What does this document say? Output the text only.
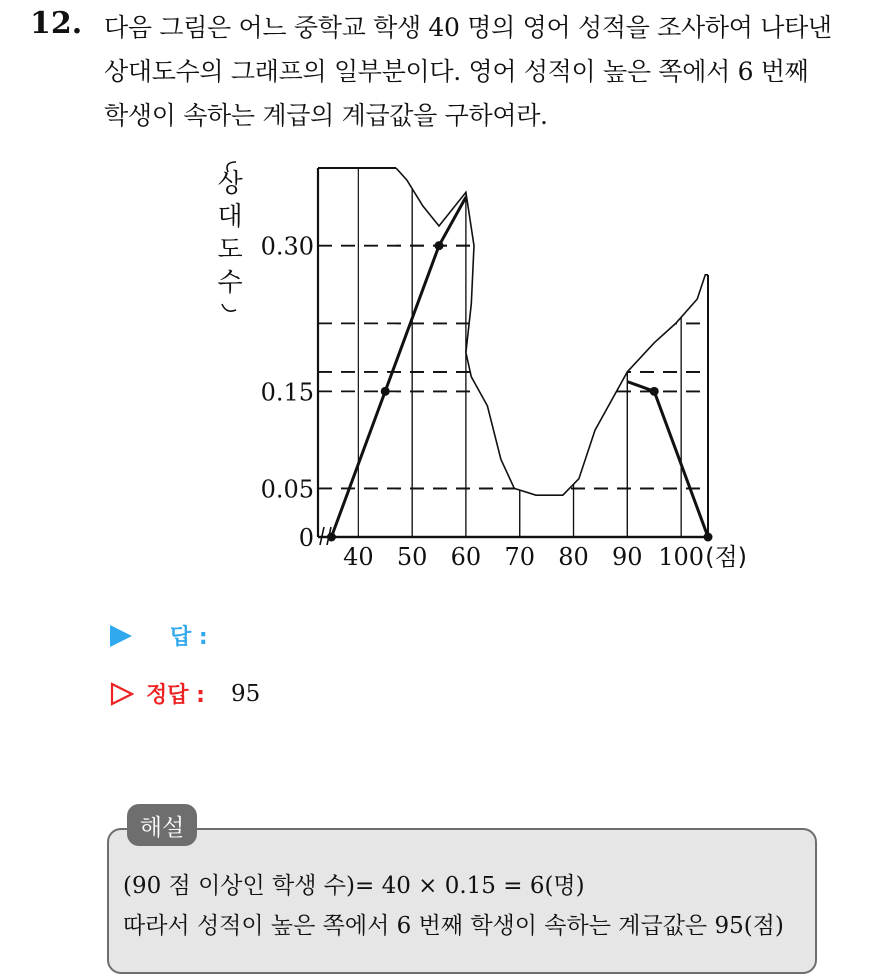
12. 다음 그림은 어느 중학교 학생 40 명의 영어 성적을 조사하여 나타낸
상대도수의 그래프의 일부분이다. 영어 성적이 높은 쪽에서 6 번째
학생이 속하는 계급의 계급값을 구하여라.
0
0.05
0.15
0.30
40 50 60 70 80 90 100 (점)
상
대
도
수
답 :
정답 : 95
(90 점 이상인 학생 수)= 40 × 0.15 = 6(명)
따라서 성적이 높은 쪽에서 6 번째 학생이 속하는 계급값은 95(점)
해설
